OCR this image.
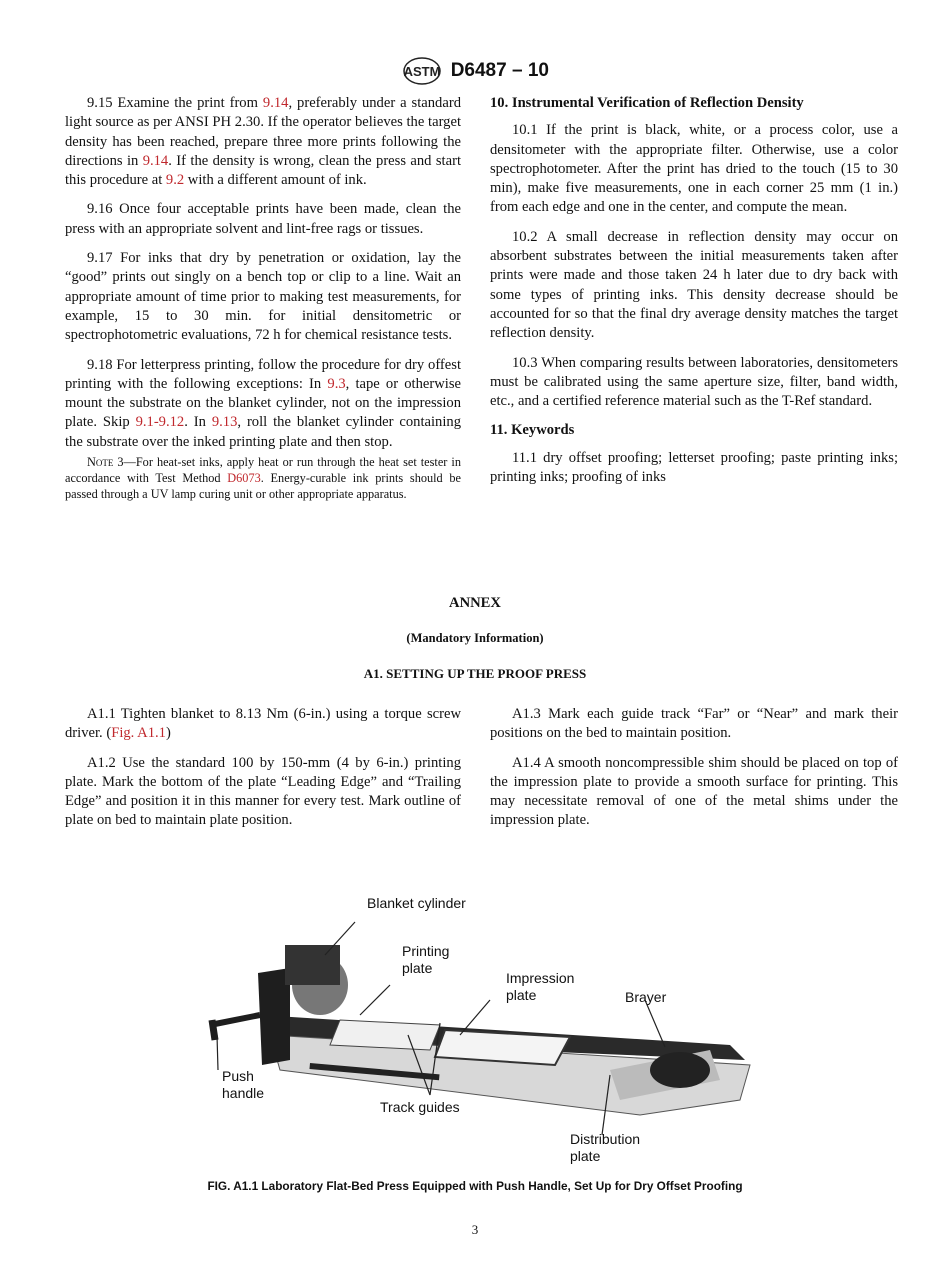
ASTM D6487 – 10

9.15 Examine the print from 9.14, preferably under a standard light source as per ANSI PH 2.30. If the operator believes the target density has been reached, prepare three more prints following the directions in 9.14. If the density is wrong, clean the press and start this procedure at 9.2 with a different amount of ink.

9.16 Once four acceptable prints have been made, clean the press with an appropriate solvent and lint-free rags or tissues.

9.17 For inks that dry by penetration or oxidation, lay the “good” prints out singly on a bench top or clip to a line. Wait an appropriate amount of time prior to making test measurements, for example, 15 to 30 min. for initial densitometric or spectrophotometric evaluations, 72 h for chemical resistance tests.

9.18 For letterpress printing, follow the procedure for dry offest printing with the following exceptions: In 9.3, tape or otherwise mount the substrate on the blanket cylinder, not on the impression plate. Skip 9.1-9.12. In 9.13, roll the blanket cylinder containing the substrate over the inked printing plate and then stop.

Note 3—For heat-set inks, apply heat or run through the heat set tester in accordance with Test Method D6073. Energy-curable ink prints should be passed through a UV lamp curing unit or other appropriate apparatus.

10. Instrumental Verification of Reflection Density

10.1 If the print is black, white, or a process color, use a densitometer with the appropriate filter. Otherwise, use a color spectrophotometer. After the print has dried to the touch (15 to 30 min), make five measurements, one in each corner 25 mm (1 in.) from each edge and one in the center, and compute the mean.

10.2 A small decrease in reflection density may occur on absorbent substrates between the initial measurements taken after prints were made and those taken 24 h later due to dry back with some types of printing inks. This density decrease should be accounted for so that the final dry average density matches the target reflection density.

10.3 When comparing results between laboratories, densitometers must be calibrated using the same aperture size, filter, band width, etc., and a certified reference material such as the T-Ref standard.

11. Keywords

11.1 dry offset proofing; letterset proofing; paste printing inks; printing inks; proofing of inks

ANNEX
(Mandatory Information)
A1. SETTING UP THE PROOF PRESS

A1.1 Tighten blanket to 8.13 Nm (6-in.) using a torque screw driver. (Fig. A1.1)

A1.2 Use the standard 100 by 150-mm (4 by 6-in.) printing plate. Mark the bottom of the plate “Leading Edge” and “Trailing Edge” and position it in this manner for every test. Mark outline of plate on bed to maintain plate position.

A1.3 Mark each guide track “Far” or “Near” and mark their positions on the bed to maintain position.

A1.4 A smooth noncompressible shim should be placed on top of the impression plate to provide a smooth surface for printing. This may necessitate removal of one of the metal shims under the impression plate.

Blanket cylinder
Printing plate
Impression plate	Brayer
Push handle
Track guides
Distribution plate
FIG. A1.1 Laboratory Flat-Bed Press Equipped with Push Handle, Set Up for Dry Offset Proofing
3
